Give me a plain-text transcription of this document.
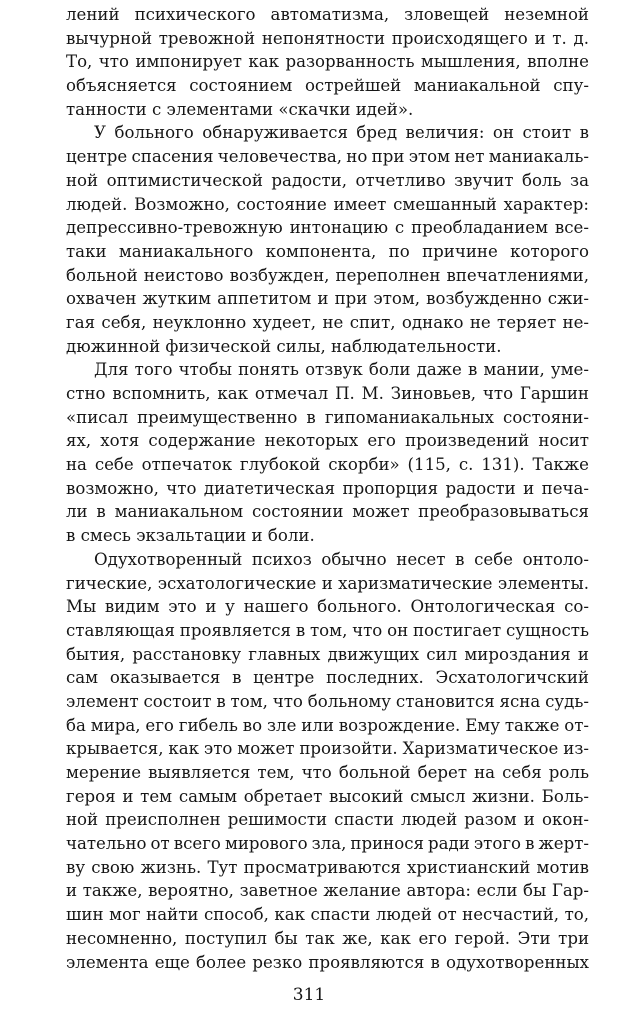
лений психического автоматизма, зловещей неземной
вычурной тревожной непонятности происходящего и т. д.
То, что импонирует как разорванность мышления, вполне
объясняется состоянием острейшей маниакальной спу-
танности с элементами «скачки идей».
У больного обнаруживается бред величия: он стоит в
центре спасения человечества, но при этом нет маниакаль-
ной оптимистической радости, отчетливо звучит боль за
людей. Возможно, состояние имеет смешанный характер:
депрессивно-тревожную интонацию с преобладанием все-
таки маниакального компонента, по причине которого
больной неистово возбужден, переполнен впечатлениями,
охвачен жутким аппетитом и при этом, возбужденно сжи-
гая себя, неуклонно худеет, не спит, однако не теряет не-
дюжинной физической силы, наблюдательности.
Для того чтобы понять отзвук боли даже в мании, уме-
стно вспомнить, как отмечал П. М. Зиновьев, что Гаршин
«писал преимущественно в гипоманиакальных состояни-
ях, хотя содержание некоторых его произведений носит
на себе отпечаток глубокой скорби» (115, с. 131). Также
возможно, что диатетическая пропорция радости и печа-
ли в маниакальном состоянии может преобразовываться
в смесь экзальтации и боли.
Одухотворенный психоз обычно несет в себе онтоло-
гические, эсхатологические и харизматические элементы.
Мы видим это и у нашего больного. Онтологическая со-
ставляющая проявляется в том, что он постигает сущность
бытия, расстановку главных движущих сил мироздания и
сам оказывается в центре последних. Эсхатологичский
элемент состоит в том, что больному становится ясна судь-
ба мира, его гибель во зле или возрождение. Ему также от-
крывается, как это может произойти. Харизматическое из-
мерение выявляется тем, что больной берет на себя роль
героя и тем самым обретает высокий смысл жизни. Боль-
ной преисполнен решимости спасти людей разом и окон-
чательно от всего мирового зла, принося ради этого в жерт-
ву свою жизнь. Тут просматриваются христианский мотив
и также, вероятно, заветное желание автора: если бы Гар-
шин мог найти способ, как спасти людей от несчастий, то,
несомненно, поступил бы так же, как его герой. Эти три
элемента еще более резко проявляются в одухотворенных
311
